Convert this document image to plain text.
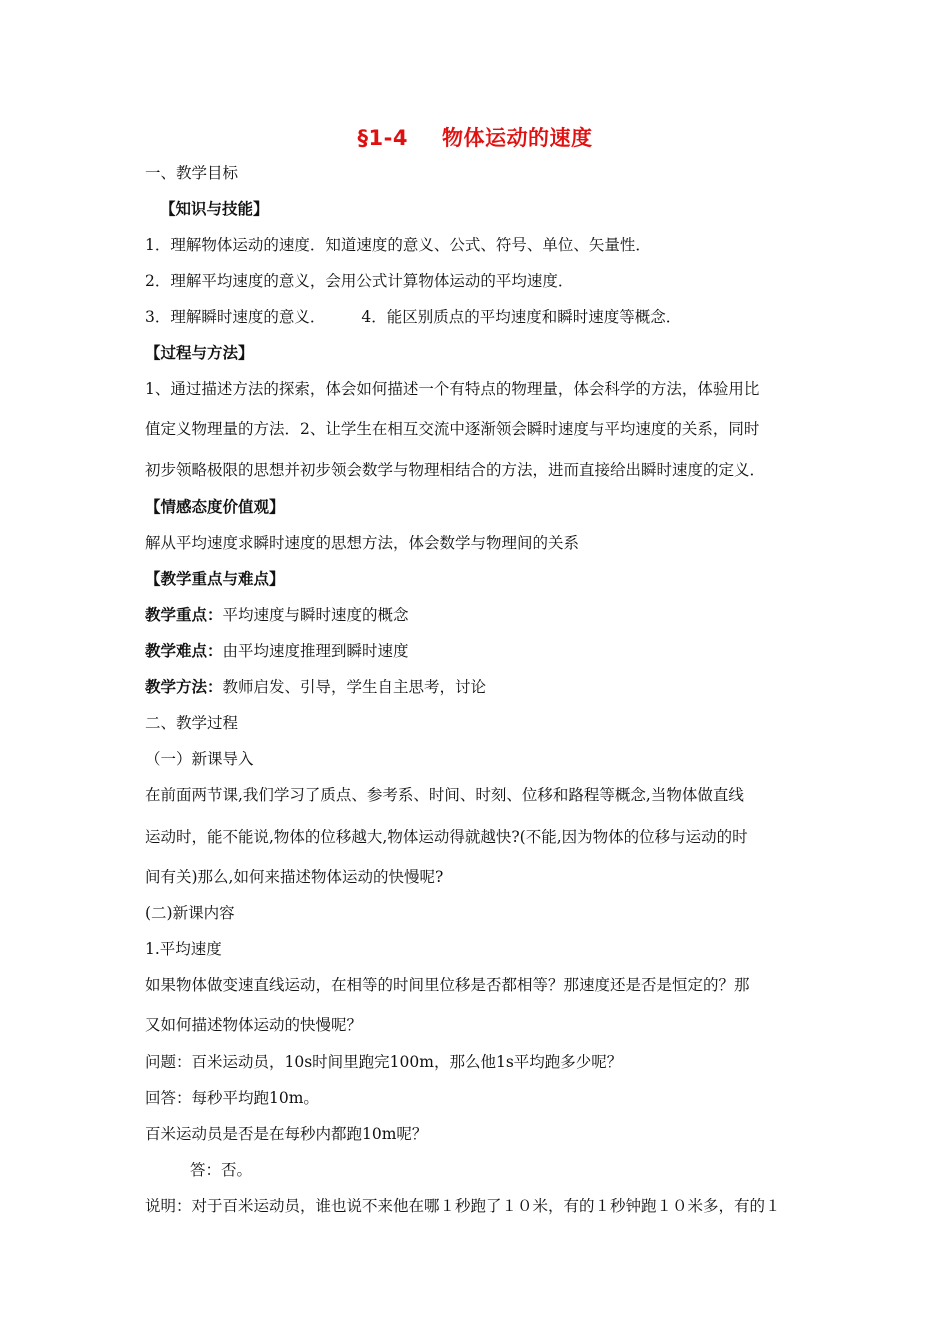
§1-4 物体运动的速度
一、教学目标
【知识与技能】
1．理解物体运动的速度．知道速度的意义、公式、符号、单位、矢量性．
2．理解平均速度的意义，会用公式计算物体运动的平均速度．
3．理解瞬时速度的意义． 4．能区别质点的平均速度和瞬时速度等概念．
【过程与方法】
1、通过描述方法的探索，体会如何描述一个有特点的物理量，体会科学的方法，体验用比
值定义物理量的方法．2、让学生在相互交流中逐渐领会瞬时速度与平均速度的关系，同时
初步领略极限的思想并初步领会数学与物理相结合的方法，进而直接给出瞬时速度的定义．
【情感态度价值观】
解从平均速度求瞬时速度的思想方法，体会数学与物理间的关系
【教学重点与难点】
教学重点：平均速度与瞬时速度的概念
教学难点：由平均速度推理到瞬时速度
教学方法：教师启发、引导，学生自主思考，讨论
二、教学过程
（一）新课导入
在前面两节课,我们学习了质点、参考系、时间、时刻、位移和路程等概念,当物体做直线
运动时，能不能说,物体的位移越大,物体运动得就越快?(不能,因为物体的位移与运动的时
间有关)那么,如何来描述物体运动的快慢呢?
(二)新课内容
1.平均速度
如果物体做变速直线运动，在相等的时间里位移是否都相等？那速度还是否是恒定的？那
又如何描述物体运动的快慢呢？
问题：百米运动员，10s时间里跑完100m，那么他1s平均跑多少呢？
回答：每秒平均跑10m。
百米运动员是否是在每秒内都跑10m呢？
答：否。
说明：对于百米运动员，谁也说不来他在哪１秒跑了１０米，有的１秒钟跑１０米多，有的１
